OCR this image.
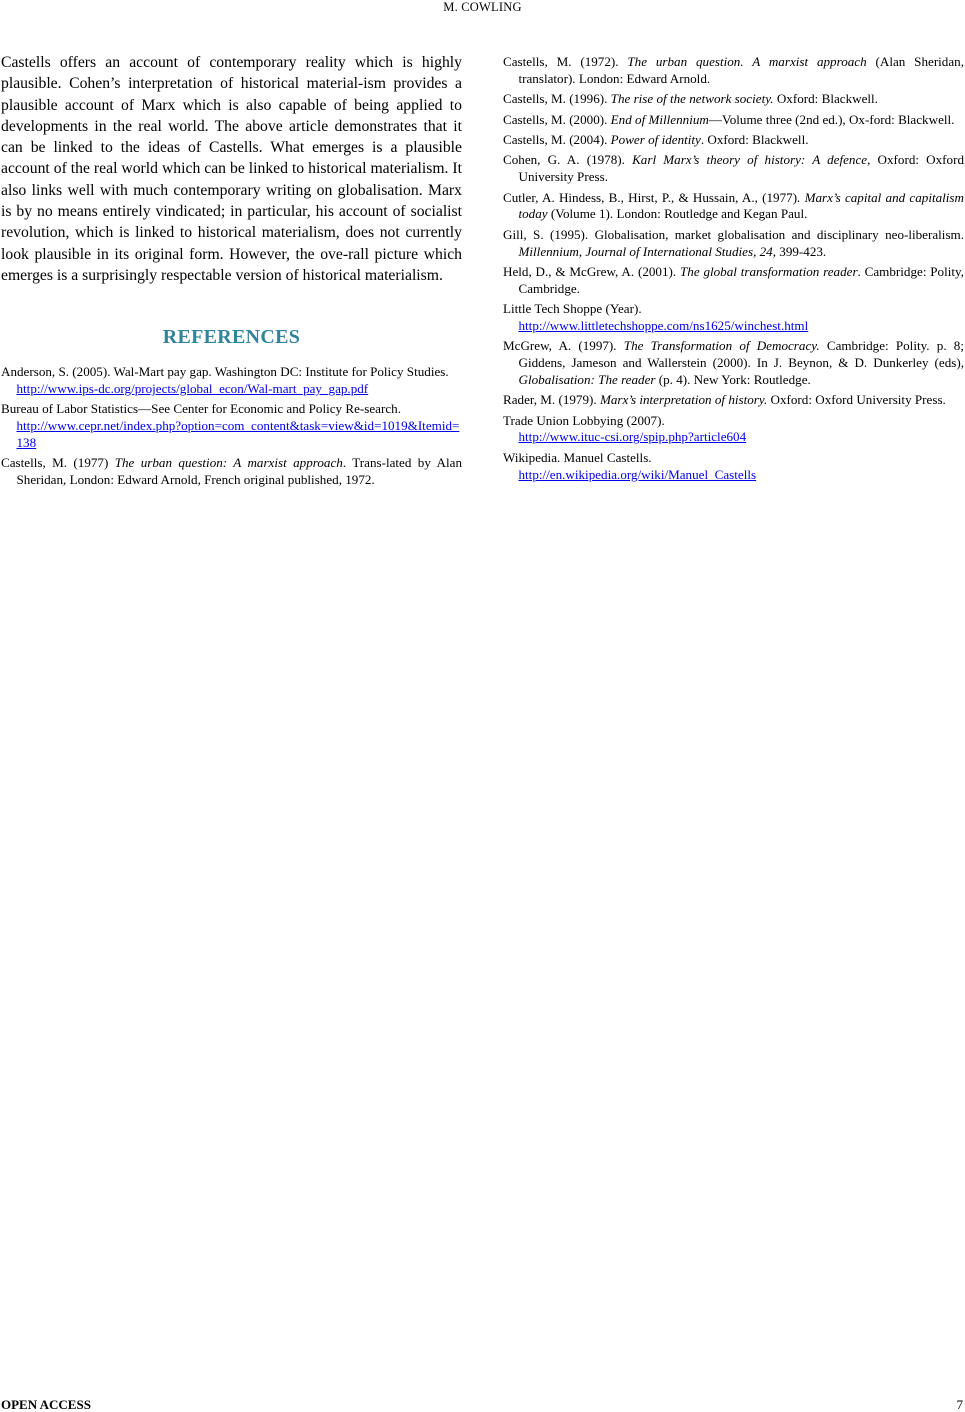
M. COWLING

Castells offers an account of contemporary reality which is highly plausible. Cohen’s interpretation of historical material-ism provides a plausible account of Marx which is also capable of being applied to developments in the real world. The above article demonstrates that it can be linked to the ideas of Castells. What emerges is a plausible account of the real world which can be linked to historical materialism. It also links well with much contemporary writing on globalisation. Marx is by no means entirely vindicated; in particular, his account of socialist revolution, which is linked to historical materialism, does not currently look plausible in its original form. However, the ove-rall picture which emerges is a surprisingly respectable version of historical materialism.

REFERENCES
Anderson, S. (2005). Wal-Mart pay gap. Washington DC: Institute for Policy Studies.
http://www.ips-dc.org/projects/global_econ/Wal-mart_pay_gap.pdf
Bureau of Labor Statistics—See Center for Economic and Policy Re-search.
http://www.cepr.net/index.php?option=com_content&task=view&id=1019&Itemid=138
Castells, M. (1977) The urban question: A marxist approach. Trans-lated by Alan Sheridan, London: Edward Arnold, French original published, 1972.
Castells, M. (1972). The urban question. A marxist approach (Alan Sheridan, translator). London: Edward Arnold.
Castells, M. (1996). The rise of the network society. Oxford: Blackwell.
Castells, M. (2000). End of Millennium—Volume three (2nd ed.), Ox-ford: Blackwell.
Castells, M. (2004). Power of identity. Oxford: Blackwell.
Cohen, G. A. (1978). Karl Marx’s theory of history: A defence, Oxford: Oxford University Press.
Cutler, A. Hindess, B., Hirst, P., & Hussain, A., (1977). Marx’s capital and capitalism today (Volume 1). London: Routledge and Kegan Paul.
Gill, S. (1995). Globalisation, market globalisation and disciplinary neo-liberalism. Millennium, Journal of International Studies, 24, 399-423.
Held, D., & McGrew, A. (2001). The global transformation reader. Cambridge: Polity, Cambridge.
Little Tech Shoppe (Year).
http://www.littletechshoppe.com/ns1625/winchest.html
McGrew, A. (1997). The Transformation of Democracy. Cambridge: Polity. p. 8; Giddens, Jameson and Wallerstein (2000). In J. Beynon, & D. Dunkerley (eds), Globalisation: The reader (p. 4). New York: Routledge.
Rader, M. (1979). Marx’s interpretation of history. Oxford: Oxford University Press.
Trade Union Lobbying (2007).
http://www.ituc-csi.org/spip.php?article604
Wikipedia. Manuel Castells.
http://en.wikipedia.org/wiki/Manuel_Castells
OPEN ACCESS	7
